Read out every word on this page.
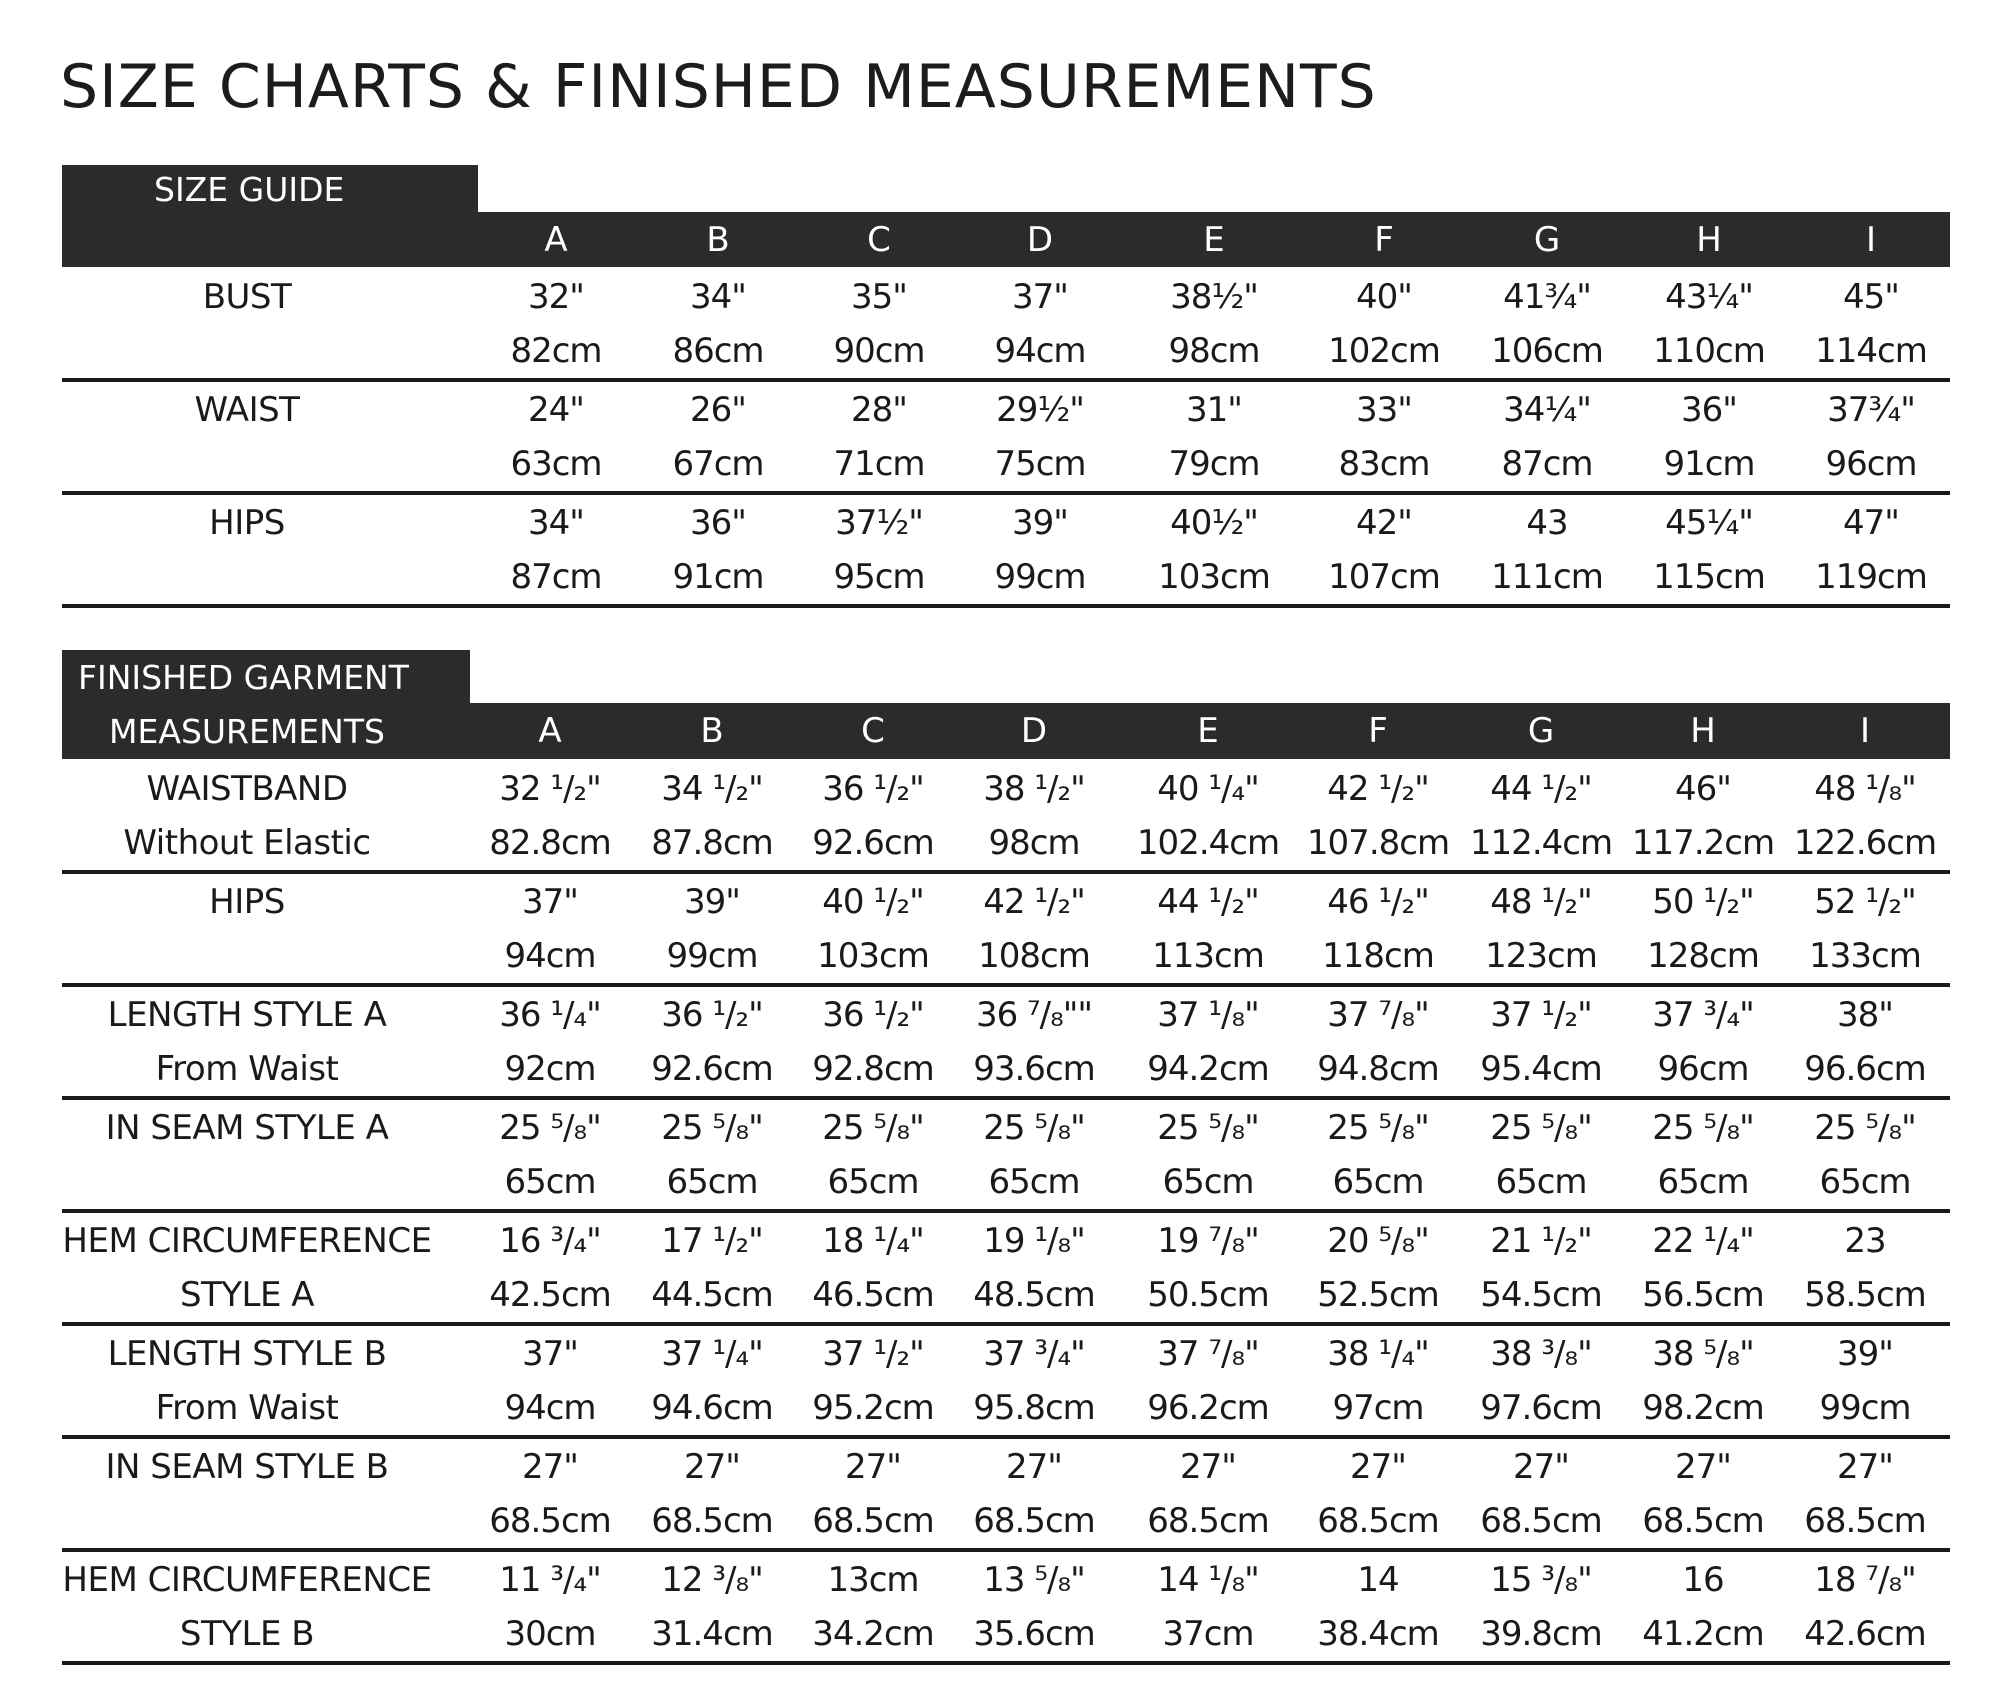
SIZE CHARTS & FINISHED MEASUREMENTS
SIZE GUIDE
A	B	C	D	E	F	G	H	I
BUST	32"	34"	35"	37"	38½"	40"	41¾"	43¼"	45"
82cm	86cm	90cm	94cm	98cm	102cm	106cm	110cm	114cm
WAIST	24"	26"	28"	29½"	31"	33"	34¼"	36"	37¾"
63cm	67cm	71cm	75cm	79cm	83cm	87cm	91cm	96cm
HIPS	34"	36"	37½"	39"	40½"	42"	43	45¼"	47"
87cm	91cm	95cm	99cm	103cm	107cm	111cm	115cm	119cm
FINISHED GARMENT
MEASUREMENTS	A	B	C	D	E	F	G	H	I
WAISTBAND
Without Elastic
32 ¹/₂"	34 ¹/₂"	36 ¹/₂"	38 ¹/₂"	40 ¹/₄"	42 ¹/₂"	44 ¹/₂"	46"	48 ¹/₈"
82.8cm	87.8cm	92.6cm	98cm	102.4cm 107.8cm 112.4cm 117.2cm 122.6cm
HIPS	37"	39"	40 ¹/₂"	42 ¹/₂"	44 ¹/₂"	46 ¹/₂"	48 ¹/₂"	50 ¹/₂"	52 ¹/₂"
94cm	99cm	103cm	108cm	113cm	118cm	123cm	128cm	133cm
LENGTH STYLE A
From Waist
36 ¹/₄"	36 ¹/₂"	36 ¹/₂"	36 ⁷/₈""	37 ¹/₈"	37 ⁷/₈"	37 ¹/₂"	37 ³/₄"	38"
92cm	92.6cm	92.8cm	93.6cm	94.2cm	94.8cm	95.4cm	96cm	96.6cm
IN SEAM STYLE A	25 ⁵/₈"	25 ⁵/₈"	25 ⁵/₈"	25 ⁵/₈"	25 ⁵/₈"	25 ⁵/₈"	25 ⁵/₈"	25 ⁵/₈"	25 ⁵/₈"
65cm	65cm	65cm	65cm	65cm	65cm	65cm	65cm	65cm
HEM CIRCUMFERENCE
STYLE A
16 ³/₄"	17 ¹/₂"	18 ¹/₄"	19 ¹/₈"	19 ⁷/₈"	20 ⁵/₈"	21 ¹/₂"	22 ¹/₄"	23
42.5cm	44.5cm	46.5cm	48.5cm	50.5cm	52.5cm	54.5cm	56.5cm	58.5cm
LENGTH STYLE B
From Waist
37"	37 ¹/₄"	37 ¹/₂"	37 ³/₄"	37 ⁷/₈"	38 ¹/₄"	38 ³/₈"	38 ⁵/₈"	39"
94cm	94.6cm	95.2cm	95.8cm	96.2cm	97cm	97.6cm	98.2cm	99cm
IN SEAM STYLE B	27"	27"	27"	27"	27"	27"	27"	27"	27"
68.5cm	68.5cm	68.5cm	68.5cm	68.5cm	68.5cm	68.5cm	68.5cm	68.5cm
HEM CIRCUMFERENCE
STYLE B
11 ³/₄"	12 ³/₈"	13cm	13 ⁵/₈"	14 ¹/₈"	14	15 ³/₈"	16	18 ⁷/₈"
30cm	31.4cm	34.2cm	35.6cm	37cm	38.4cm	39.8cm	41.2cm	42.6cm
